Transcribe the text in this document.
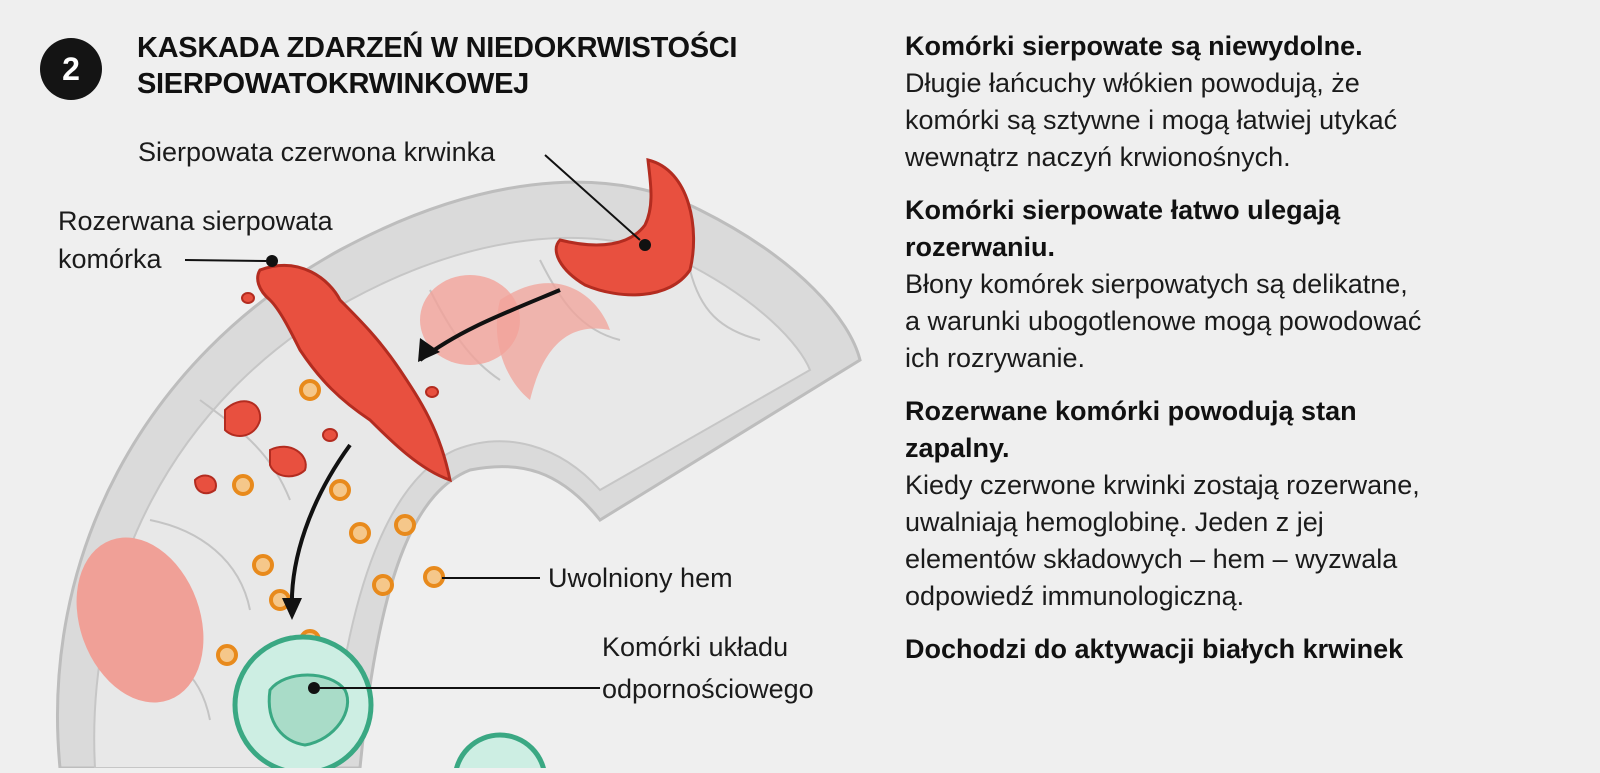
2
KASKADA ZDARZEŃ W NIEDOKRWISTOŚCI
SIERPOWATOKRWINKOWEJ
Sierpowata czerwona krwinka
Rozerwana sierpowata
komórka
Uwolniony hem
Komórki układu
odpornościowego

Komórki sierpowate są niewydolne.

Długie łańcuchy włókien powodują, że

komórki są sztywne i mogą łatwiej utykać

wewnątrz naczyń krwionośnych.

Komórki sierpowate łatwo ulegają

rozerwaniu.

Błony komórek sierpowatych są delikatne,

a warunki ubogotlenowe mogą powodować

ich rozrywanie.

Rozerwane komórki powodują stan

zapalny.

Kiedy czerwone krwinki zostają rozerwane,

uwalniają hemoglobinę. Jeden z jej

elementów składowych – hem – wyzwala

odpowiedź immunologiczną.

Dochodzi do aktywacji białych krwinek
